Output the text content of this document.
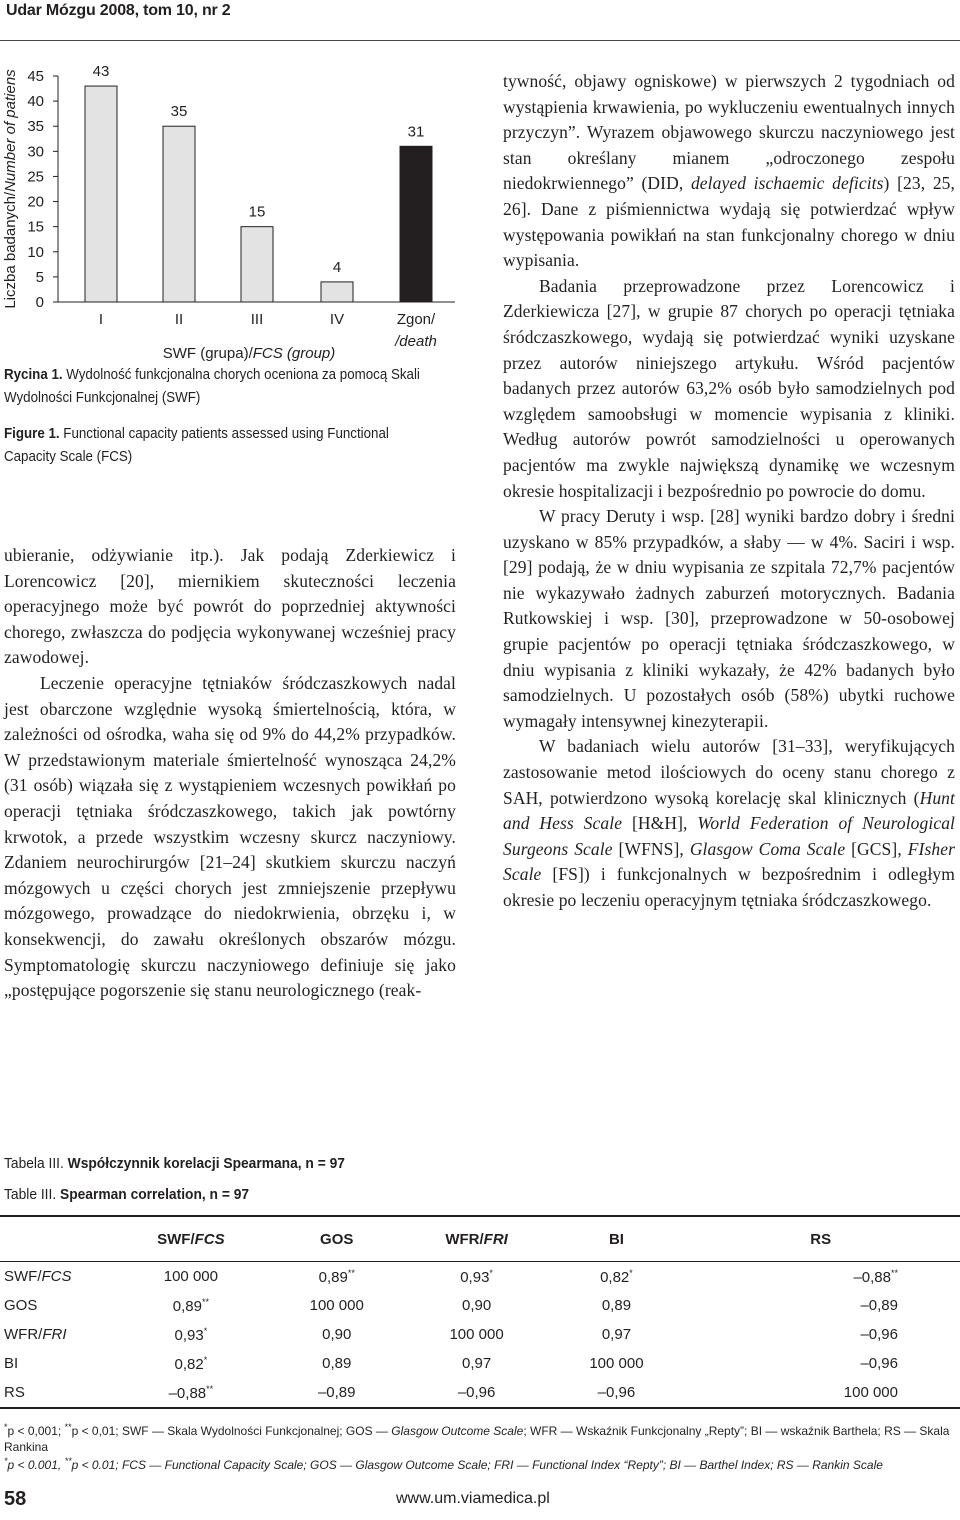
Udar Mózgu 2008, tom 10, nr 2
Liczba badanych/Number of patiens
0
5
10
15
20
25
30
35
40
45	43
35
15
4
31
I	II	III	IV	Zgon/
/death
SWF (grupa)/FCS (group)
Rycina 1. Wydolność funkcjonalna chorych oceniona za pomocą Skali Wydolności Funkcjonalnej (SWF)
Figure 1. Functional capacity patients assessed using Functional Capacity Scale (FCS)

ubieranie, odżywianie itp.). Jak podają Zderkiewicz i Lorencowicz [20], miernikiem skuteczności leczenia operacyjnego może być powrót do poprzedniej aktywności chorego, zwłaszcza do podjęcia wykonywanej wcześniej pracy zawodowej.

Leczenie operacyjne tętniaków śródczaszkowych nadal jest obarczone względnie wysoką śmiertelnością, która, w zależności od ośrodka, waha się od 9% do 44,2% przypadków. W przedstawionym materiale śmiertelność wynosząca 24,2% (31 osób) wiązała się z wystąpieniem wczesnych powikłań po operacji tętniaka śródczaszkowego, takich jak powtórny krwotok, a przede wszystkim wczesny skurcz naczyniowy. Zdaniem neurochirurgów [21–24] skutkiem skurczu naczyń mózgowych u części chorych jest zmniejszenie przepływu mózgowego, prowadzące do niedokrwienia, obrzęku i, w konsekwencji, do zawału określonych obszarów mózgu. Symptomatologię skurczu naczyniowego definiuje się jako „postępujące pogorszenie się stanu neurologicznego (reak-

tywność, objawy ogniskowe) w pierwszych 2 tygodniach od wystąpienia krwawienia, po wykluczeniu ewentualnych innych przyczyn”. Wyrazem objawowego skurczu naczyniowego jest stan określany mianem „odroczonego zespołu niedokrwiennego” (DID, delayed ischaemic deficits) [23, 25, 26]. Dane z piśmiennictwa wydają się potwierdzać wpływ występowania powikłań na stan funkcjonalny chorego w dniu wypisania.

Badania przeprowadzone przez Lorencowicz i Zderkiewicza [27], w grupie 87 chorych po operacji tętniaka śródczaszkowego, wydają się potwierdzać wyniki uzyskane przez autorów niniejszego artykułu. Wśród pacjentów badanych przez autorów 63,2% osób było samodzielnych pod względem samoobsługi w momencie wypisania z kliniki. Według autorów powrót samodzielności u operowanych pacjentów ma zwykle największą dynamikę we wczesnym okresie hospitalizacji i bezpośrednio po powrocie do domu.

W pracy Deruty i wsp. [28] wyniki bardzo dobry i średni uzyskano w 85% przypadków, a słaby — w 4%. Saciri i wsp. [29] podają, że w dniu wypisania ze szpitala 72,7% pacjentów nie wykazywało żadnych zaburzeń motorycznych. Badania Rutkowskiej i wsp. [30], przeprowadzone w 50-osobowej grupie pacjentów po operacji tętniaka śródczaszkowego, w dniu wypisania z kliniki wykazały, że 42% badanych było samodzielnych. U pozostałych osób (58%) ubytki ruchowe wymagały intensywnej kinezyterapii.

W badaniach wielu autorów [31–33], weryfikujących zastosowanie metod ilościowych do oceny stanu chorego z SAH, potwierdzono wysoką korelację skal klinicznych (Hunt and Hess Scale [H&H], World Federation of Neurological Surgeons Scale [WFNS], Glasgow Coma Scale [GCS], FIsher Scale [FS]) i funkcjonalnych w bezpośrednim i odległym okresie po leczeniu operacyjnym tętniaka śródczaszkowego.

Tabela III. Współczynnik korelacji Spearmana, n = 97
Table III. Spearman correlation, n = 97
	SWF/FCS	GOS	WFR/FRI	BI	RS
SWF/FCS	100 000	0,89**	0,93*	0,82*	–0,88**
GOS	0,89**	100 000	0,90	0,89	–0,89
WFR/FRI	0,93*	0,90	100 000	0,97	–0,96
BI	0,82*	0,89	0,97	100 000	–0,96
RS	–0,88**	–0,89	–0,96	–0,96	100 000
*p < 0,001; **p < 0,01; SWF — Skala Wydolności Funkcjonalnej; GOS — Glasgow Outcome Scale; WFR — Wskaźnik Funkcjonalny „Repty”; BI — wskaźnik Barthela; RS — Skala Rankina
*p < 0.001, **p < 0.01; FCS — Functional Capacity Scale; GOS — Glasgow Outcome Scale; FRI — Functional Index “Repty”; BI — Barthel Index; RS — Rankin Scale
58	www.um.viamedica.pl
